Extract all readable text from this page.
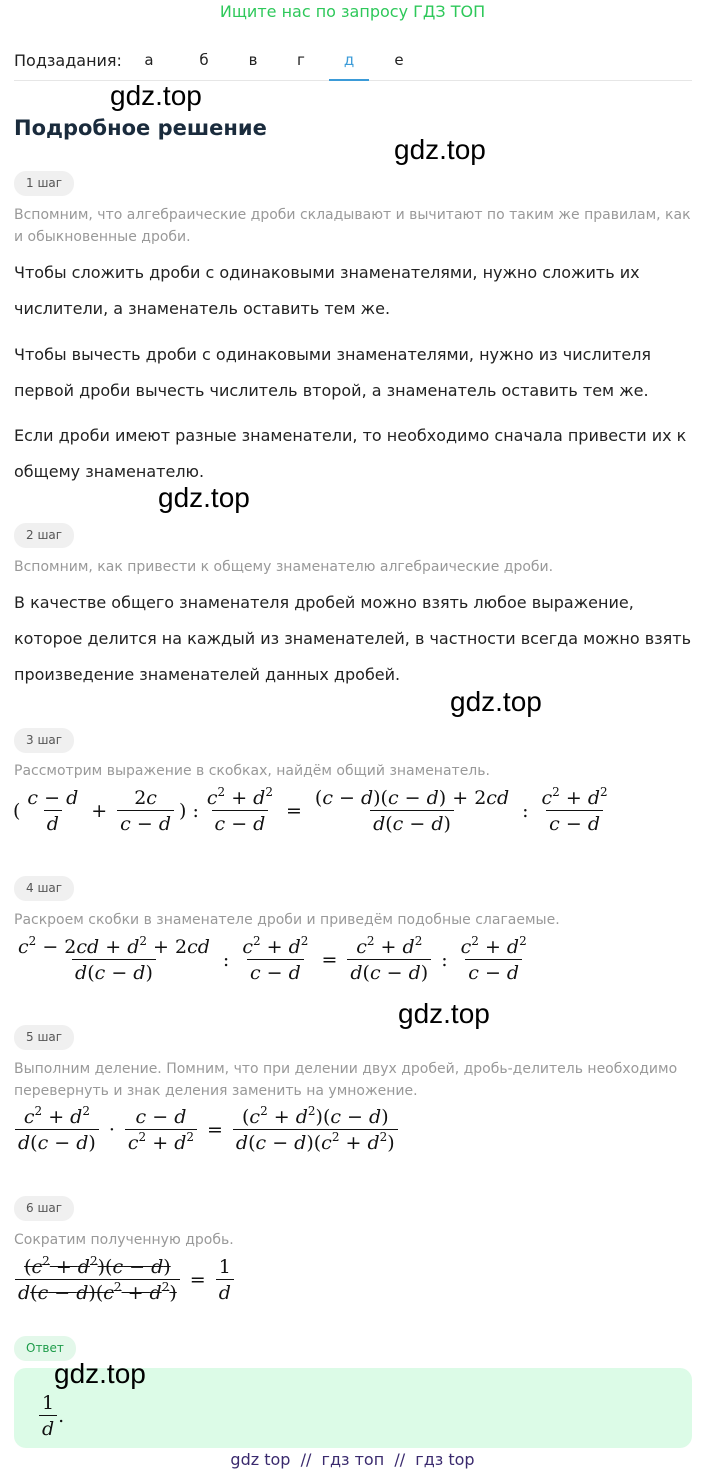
Ищите нас по запросу ГДЗ ТОП
Подзадания:	а	б	в	г	д	е
gdz.top
Подробное решение
gdz.top
1 шаг
Вспомним, что алгебраические дроби складывают и вычитают по таким же правилам, как и обыкновенные дроби.
Чтобы сложить дроби с одинаковыми знаменателями, нужно сложить их числители, а знаменатель оставить тем же.
Чтобы вычесть дроби с одинаковыми знаменателями, нужно из числителя первой дроби вычесть числитель второй, а знаменатель оставить тем же.
Если дроби имеют разные знаменатели, то необходимо сначала привести их к общему знаменателю.
gdz.top
2 шаг
Вспомним, как привести к общему знаменателю алгебраические дроби.
В качестве общего знаменателя дробей можно взять любое выражение, которое делится на каждый из знаменателей, в частности всегда можно взять произведение знаменателей данных дробей.
gdz.top
3 шаг
Рассмотрим выражение в скобках, найдём общий знаменатель.
( $\frac{c - d}{d} + \frac{2c}{c - d}$ ) : $\frac{c^2 + d^2}{c - d} = \frac{(c - d)(c - d) + 2cd}{d(c - d)}$ : $\frac{c^2 + d^2}{c - d}$
4 шаг
Раскроем скобки в знаменателе дроби и приведём подобные слагаемые.
$\frac{c^2 - 2cd + d^2 + 2cd}{d(c - d)}$ : $\frac{c^2 + d^2}{c - d} = \frac{c^2 + d^2}{d(c - d)}$ : $\frac{c^2 + d^2}{c - d}$
gdz.top
5 шаг
Выполним деление. Помним, что при делении двух дробей, дробь-делитель необходимо перевернуть и знак деления заменить на умножение.
$\frac{c^2 + d^2}{d(c - d)} \cdot \frac{c - d}{c^2 + d^2} = \frac{(c^2 + d^2)(c - d)}{d(c - d)(c^2 + d^2)}$
6 шаг
Сократим полученную дробь.
$\frac{(c^2 + d^2)(c - d)}{d(c - d)(c^2 + d^2)} = \frac{1}{d}$
Ответ
gdz.top
$\frac{1}{d}$ .
gdz top  //  гдз топ  //  гдз top
